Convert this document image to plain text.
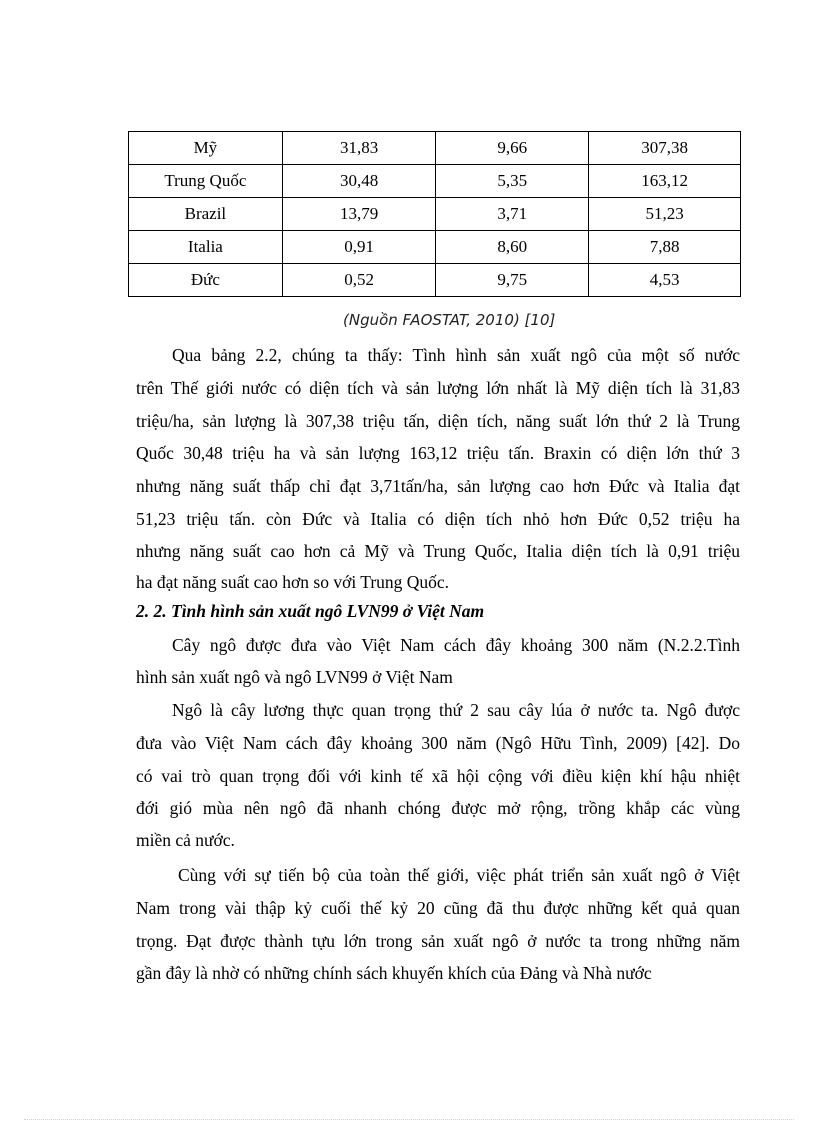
Mỹ	31,83	9,66	307,38
Trung Quốc	30,48	5,35	163,12
Brazil	13,79	3,71	51,23
Italia	0,91	8,60	7,88
Đức	0,52	9,75	4,53
(Nguồn FAOSTAT, 2010) [10]
Qua bảng 2.2, chúng ta thấy: Tình hình sản xuất ngô của một số nước
trên Thế giới nước có diện tích và sản lượng lớn nhất là Mỹ diện tích là 31,83
triệu/ha, sản lượng là 307,38 triệu tấn, diện tích, năng suất lớn thứ 2 là Trung
Quốc 30,48 triệu ha và sản lượng 163,12 triệu tấn. Braxin có diện lớn thứ 3
nhưng năng suất thấp chỉ đạt 3,71tấn/ha, sản lượng cao hơn Đức và Italia đạt
51,23 triệu tấn. còn Đức và Italia có diện tích nhỏ hơn Đức 0,52 triệu ha
nhưng năng suất cao hơn cả Mỹ và Trung Quốc, Italia diện tích là 0,91 triệu
ha đạt năng suất cao hơn so với Trung Quốc.
2. 2. Tình hình sản xuất ngô LVN99 ở Việt Nam
Cây ngô được đưa vào Việt Nam cách đây khoảng 300 năm (N.2.2.Tình
hình sản xuất ngô và ngô LVN99 ở Việt Nam
Ngô là cây lương thực quan trọng thứ 2 sau cây lúa ở nước ta. Ngô được
đưa vào Việt Nam cách đây khoảng 300 năm (Ngô Hữu Tình, 2009) [42]. Do
có vai trò quan trọng đối với kinh tế xã hội cộng với điều kiện khí hậu nhiệt
đới gió mùa nên ngô đã nhanh chóng được mở rộng, trồng khắp các vùng
miền cả nước.
Cùng với sự tiến bộ của toàn thế giới, việc phát triển sản xuất ngô ở Việt
Nam trong vài thập kỷ cuối thế kỷ 20 cũng đã thu được những kết quả quan
trọng. Đạt được thành tựu lớn trong sản xuất ngô ở nước ta trong những năm
gần đây là nhờ có những chính sách khuyến khích của Đảng và Nhà nước
